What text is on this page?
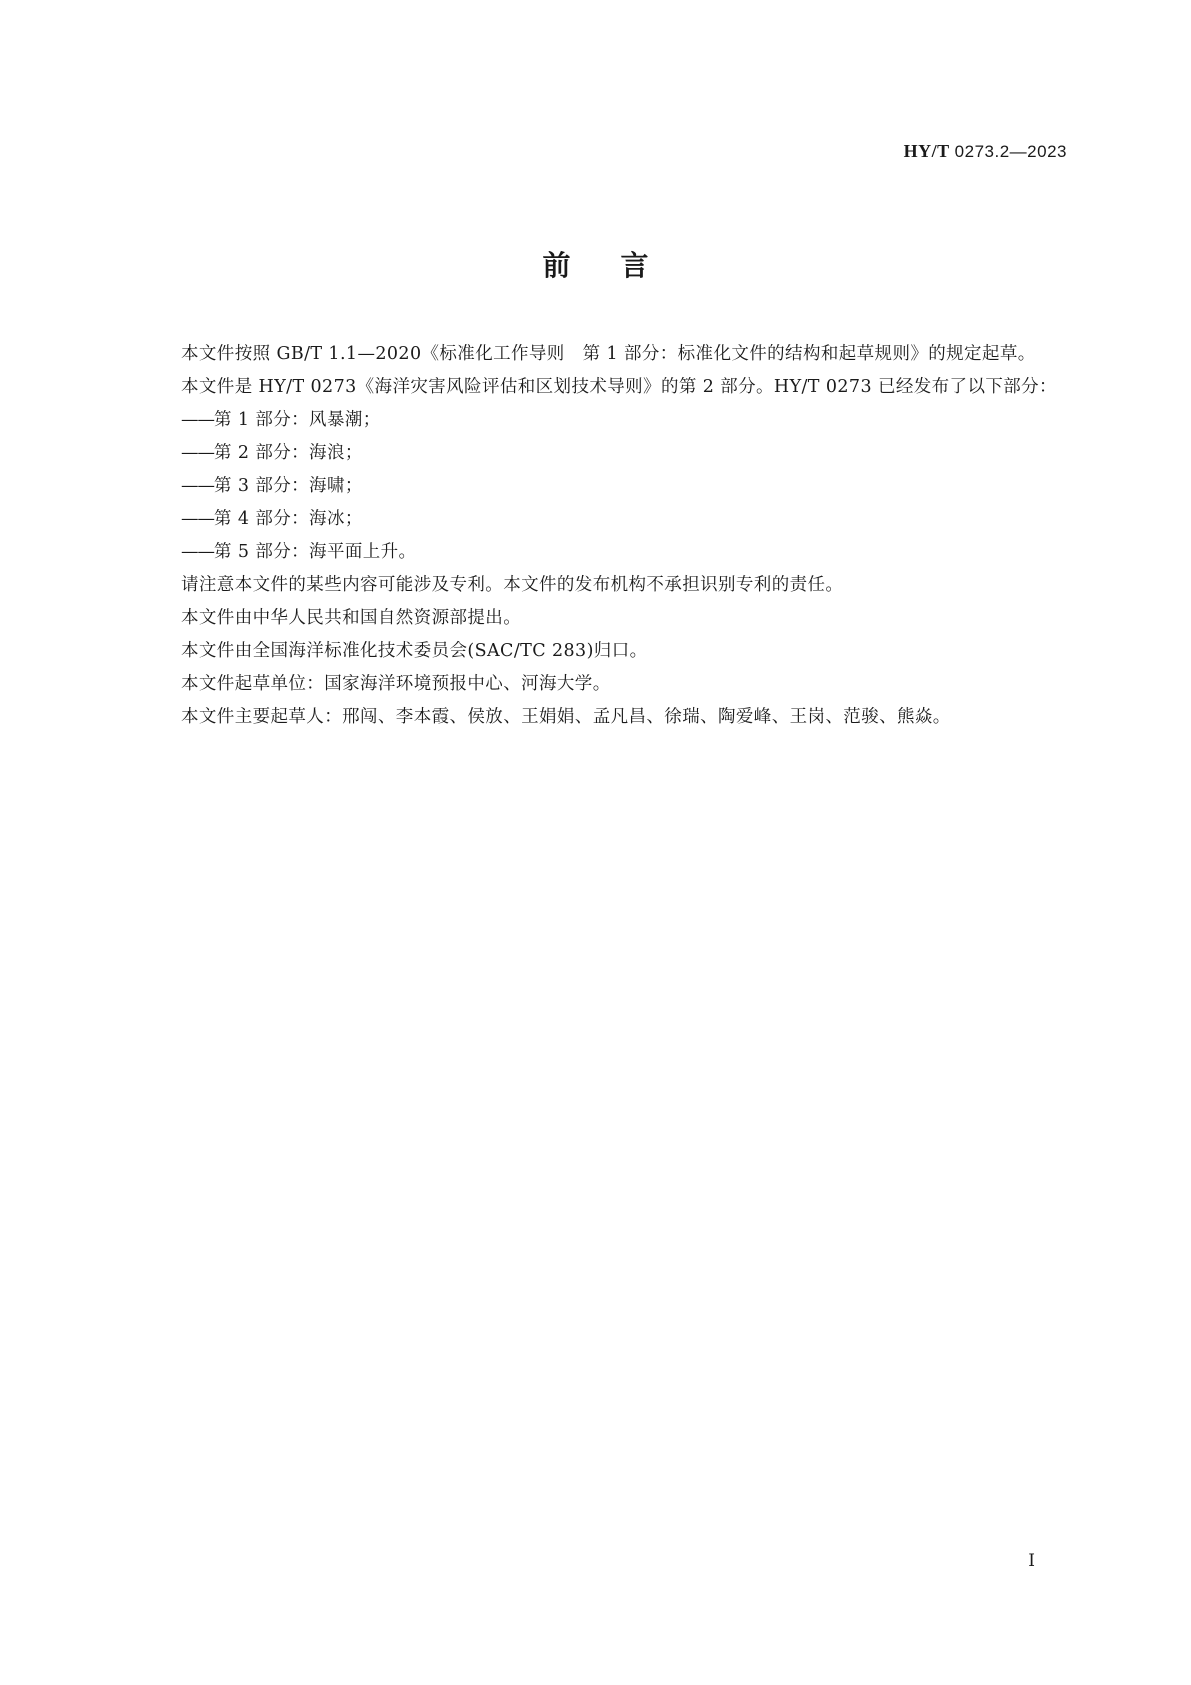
HY/T 0273.2—2023
前言

本文件按照 GB/T 1.1—2020《标准化工作导则　第 1 部分：标准化文件的结构和起草规则》的规定起草。

本文件是 HY/T 0273《海洋灾害风险评估和区划技术导则》的第 2 部分。HY/T 0273 已经发布了以下部分：

——第 1 部分：风暴潮；

——第 2 部分：海浪；

——第 3 部分：海啸；

——第 4 部分：海冰；

——第 5 部分：海平面上升。

请注意本文件的某些内容可能涉及专利。本文件的发布机构不承担识别专利的责任。

本文件由中华人民共和国自然资源部提出。

本文件由全国海洋标准化技术委员会(SAC/TC 283)归口。

本文件起草单位：国家海洋环境预报中心、河海大学。

本文件主要起草人：邢闯、李本霞、侯放、王娟娟、孟凡昌、徐瑞、陶爱峰、王岗、范骏、熊焱。

I
